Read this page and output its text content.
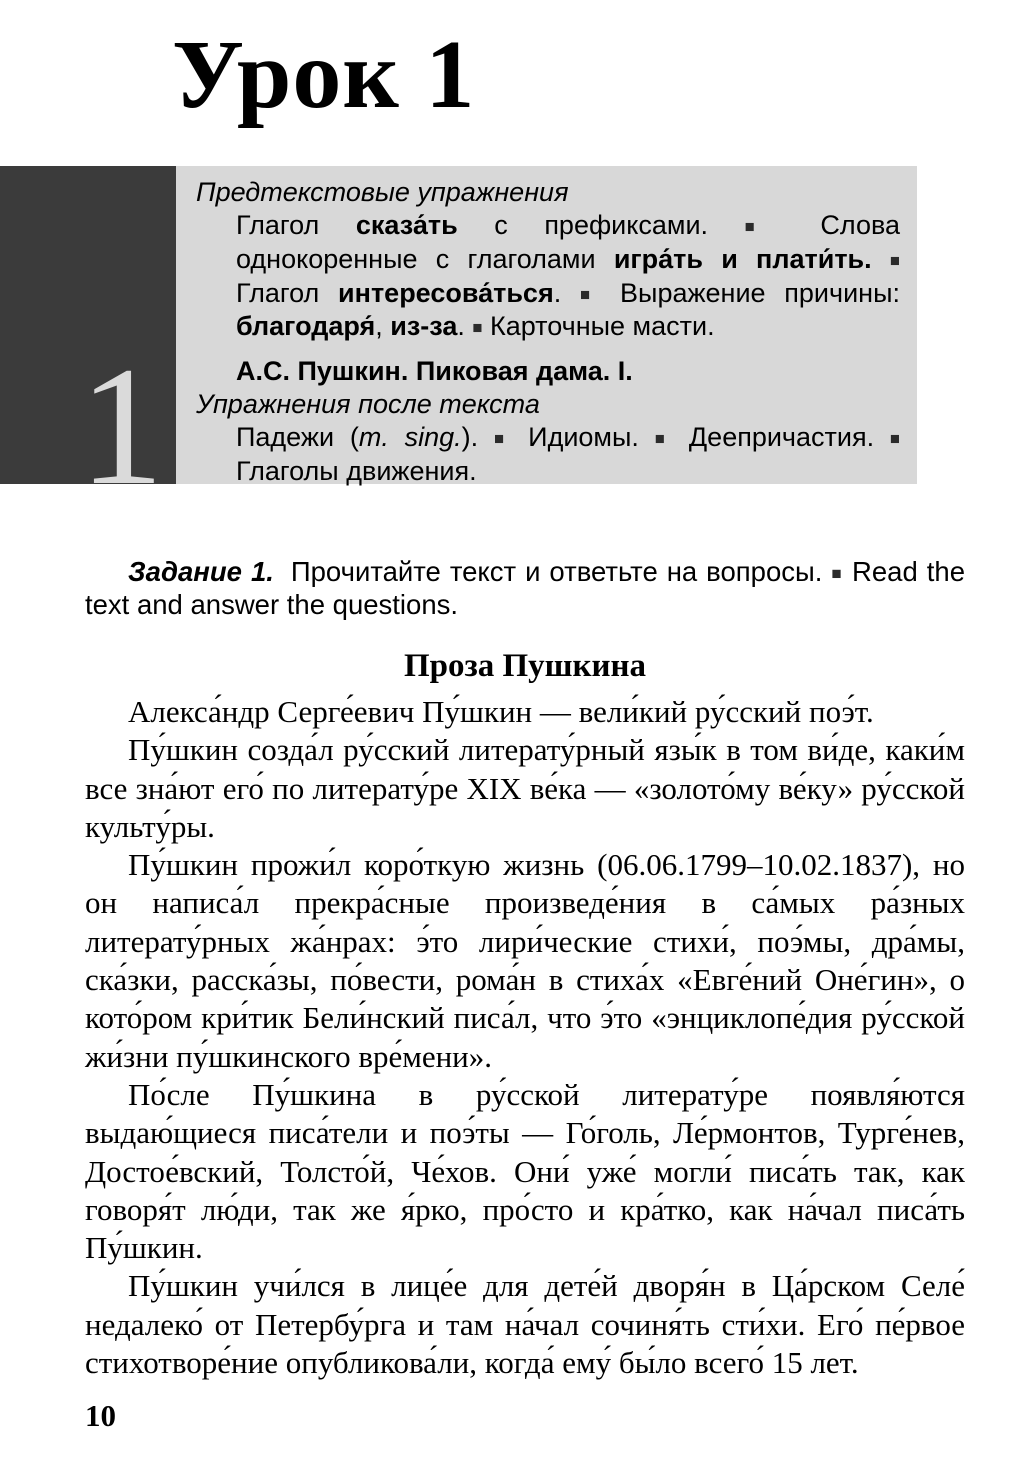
Урок 1
1
Предтекстовые упражнения
Глагол сказа́ть с префиксами. ■ Слова однокоренные с глаголами игра́ть и плати́ть. ■ Глагол интересова́ться. ■ Выражение причины: благодаря́, из-за. ■ Карточные масти.
А.С. Пушкин. Пиковая дама. I.
Упражнения после текста
Падежи (m. sing.). ■ Идиомы. ■ Деепричастия. ■ Глаголы движения.

Задание 1. Прочитайте текст и ответьте на вопросы. ■ Read the text and answer the questions.

Проза Пушкина

Алекса́ндр Серге́евич Пу́шкин — вели́кий ру́сский поэ́т.

Пу́шкин созда́л ру́сский литерату́рный язы́к в том ви́де, каки́м все зна́ют его́ по литерату́ре XIX ве́ка — «золото́му ве́ку» ру́сской культу́ры.

Пу́шкин прожи́л коро́ткую жизнь (06.06.1799–10.02.1837), но он написа́л прекра́сные произведе́ния в са́мых ра́зных литерату́рных жа́нрах: э́то лири́ческие стихи́, поэ́мы, дра́мы, ска́зки, расска́зы, по́вести, рома́н в стиха́х «Евге́ний Оне́гин», о кото́ром кри́тик Бели́нский писа́л, что э́то «энциклопе́дия ру́сской жи́зни пу́шкинского вре́мени».

По́сле Пу́шкина в ру́сской литерату́ре появля́ются выдаю́щиеся писа́тели и поэ́ты — Го́голь, Ле́рмонтов, Турге́нев, Достое́вский, Толсто́й, Че́хов. Они́ уже́ могли́ писа́ть так, как говоря́т лю́ди, так же я́рко, про́сто и кра́тко, как на́чал писа́ть Пу́шкин.

Пу́шкин учи́лся в лице́е для дете́й дворя́н в Ца́рском Селе́ недалеко́ от Петербу́рга и там на́чал сочиня́ть сти́хи. Его́ пе́рвое стихотворе́ние опубликова́ли, когда́ ему́ бы́ло всего́ 15 лет.

10
